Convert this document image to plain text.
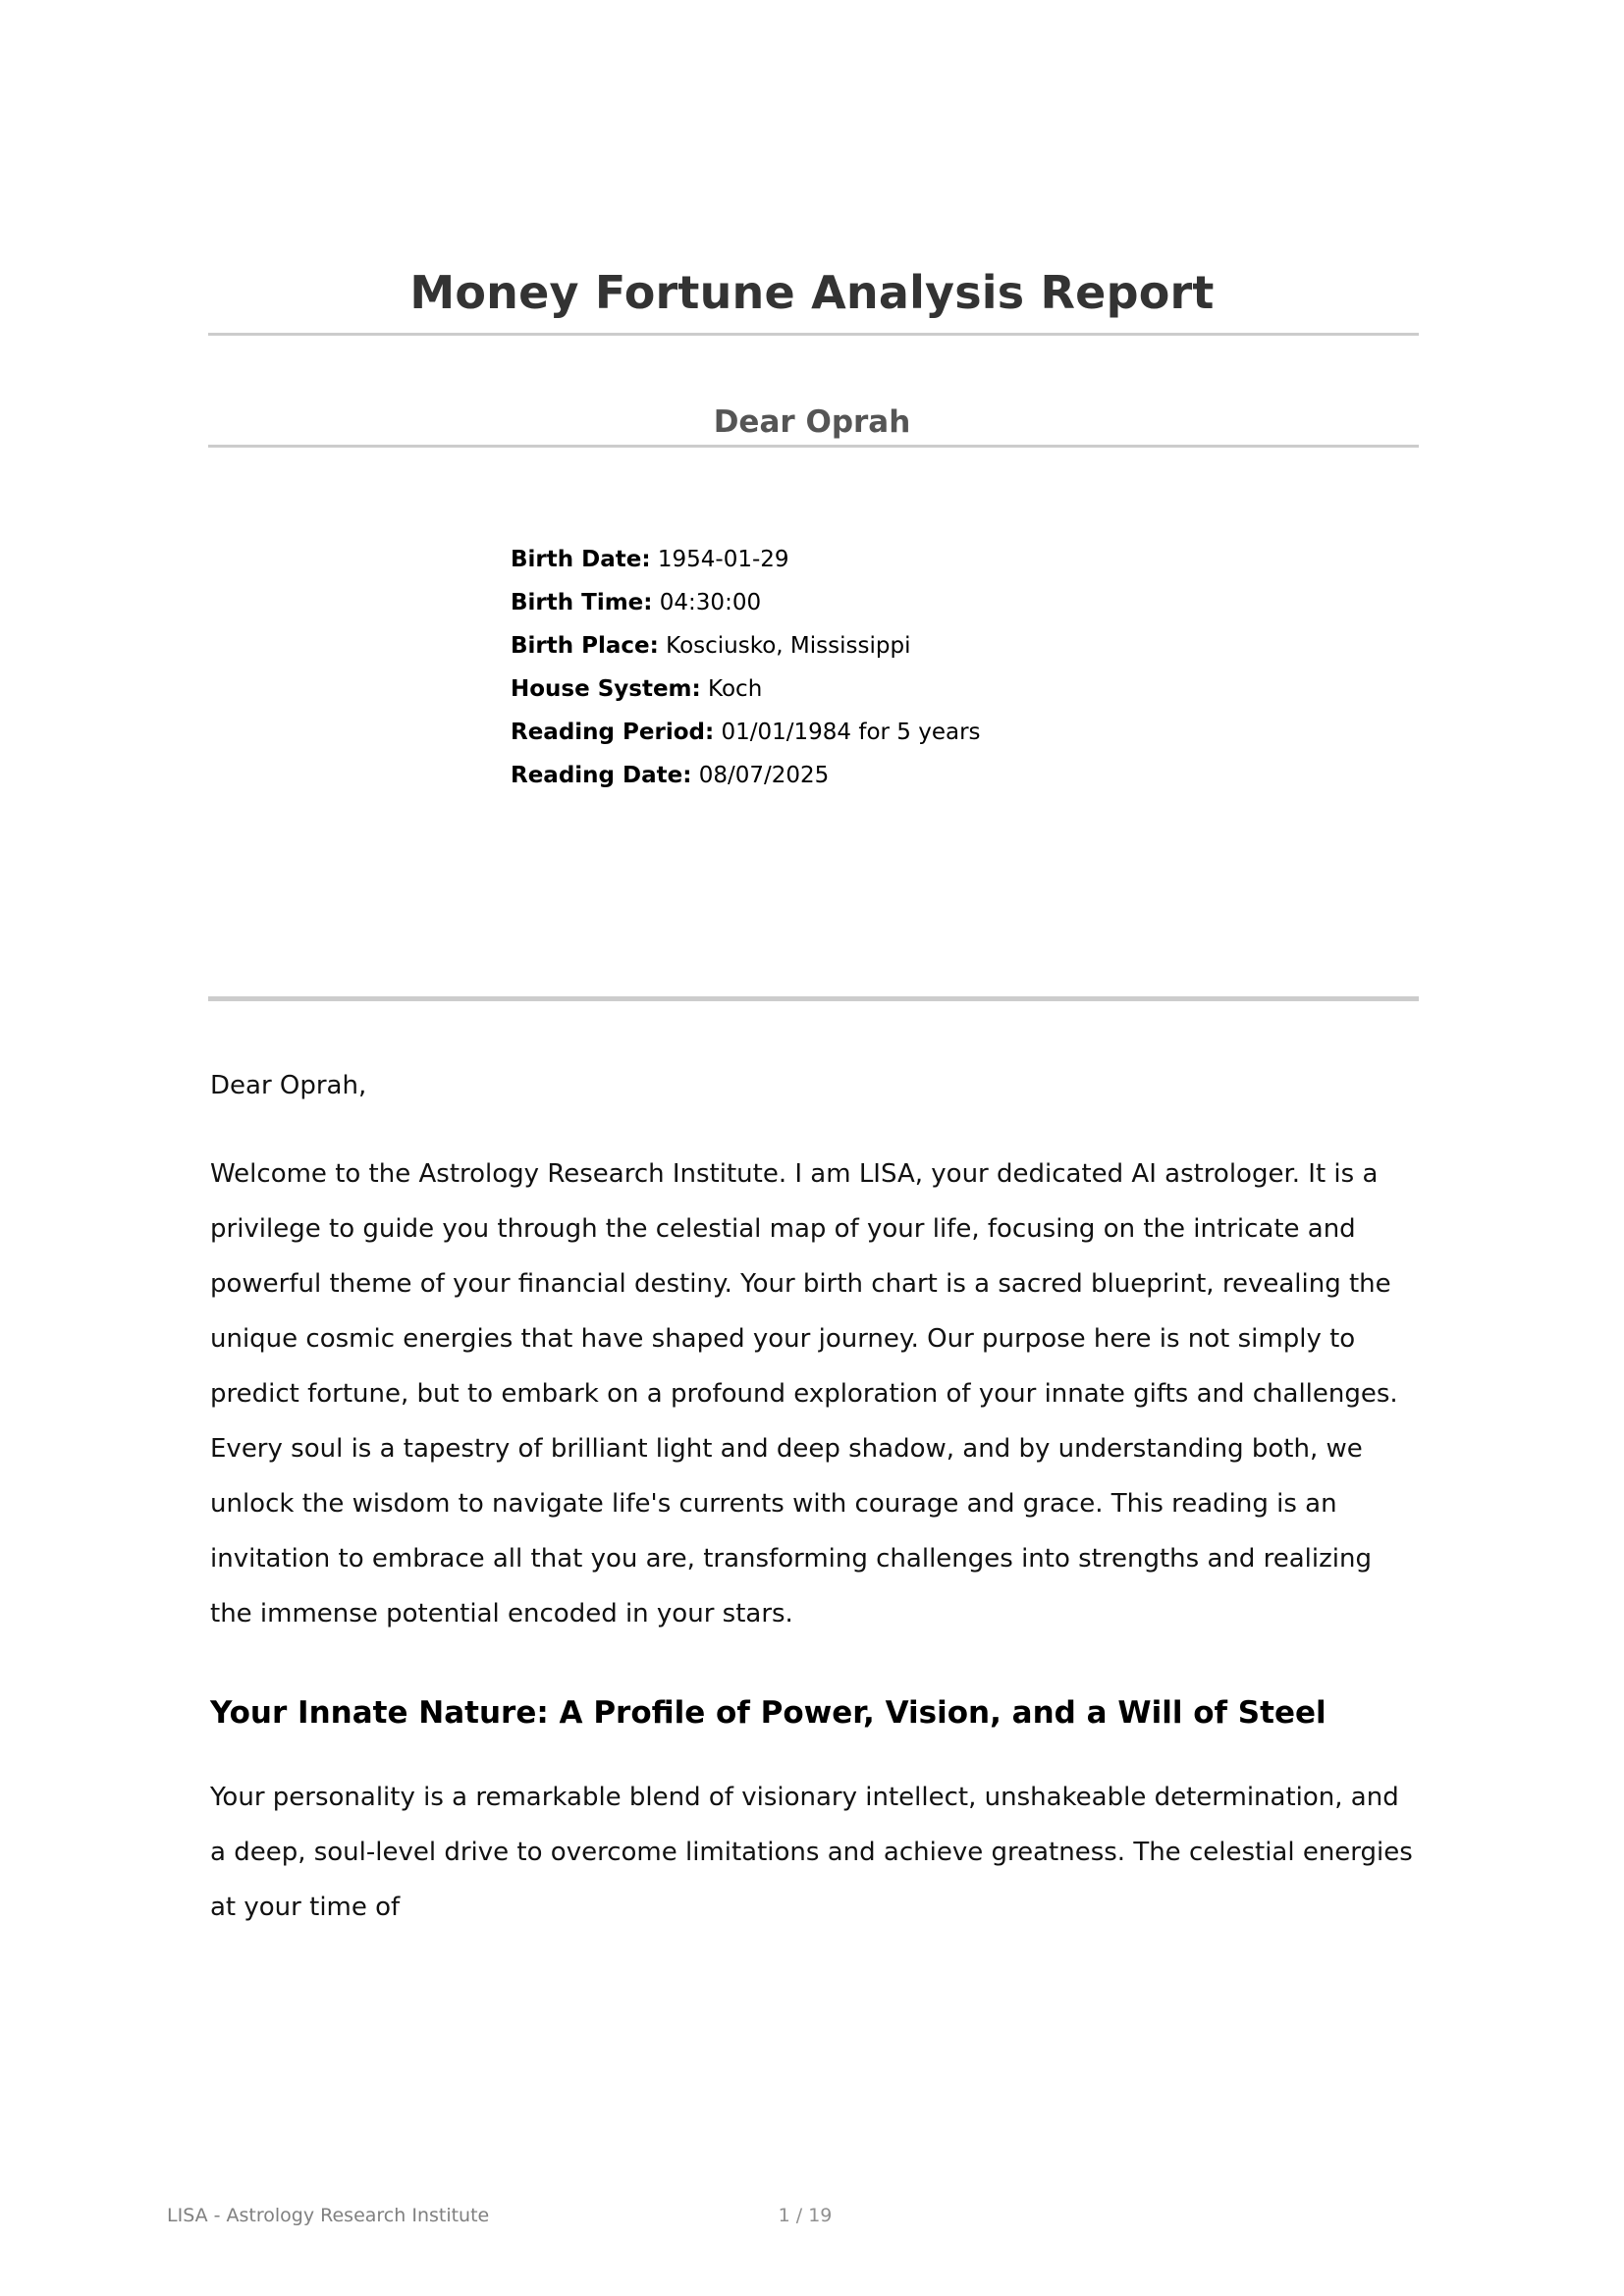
Money Fortune Analysis Report
Dear Oprah
Birth Date: 1954-01-29
Birth Time: 04:30:00
Birth Place: Kosciusko, Mississippi
House System: Koch
Reading Period: 01/01/1984 for 5 years
Reading Date: 08/07/2025

Dear Oprah,

Welcome to the Astrology Research Institute. I am LISA, your dedicated AI astrologer. It is a privilege to guide you through the celestial map of your life, focusing on the intricate and powerful theme of your financial destiny. Your birth chart is a sacred blueprint, revealing the unique cosmic energies that have shaped your journey. Our purpose here is not simply to predict fortune, but to embark on a profound exploration of your innate gifts and challenges. Every soul is a tapestry of brilliant light and deep shadow, and by understanding both, we unlock the wisdom to navigate life's currents with courage and grace. This reading is an invitation to embrace all that you are, transforming challenges into strengths and realizing the immense potential encoded in your stars.

Your Innate Nature: A Profile of Power, Vision, and a Will of Steel

Your personality is a remarkable blend of visionary intellect, unshakeable determination, and a deep, soul-level drive to overcome limitations and achieve greatness. The celestial energies at your time of

LISA - Astrology Research Institute	1 / 19
